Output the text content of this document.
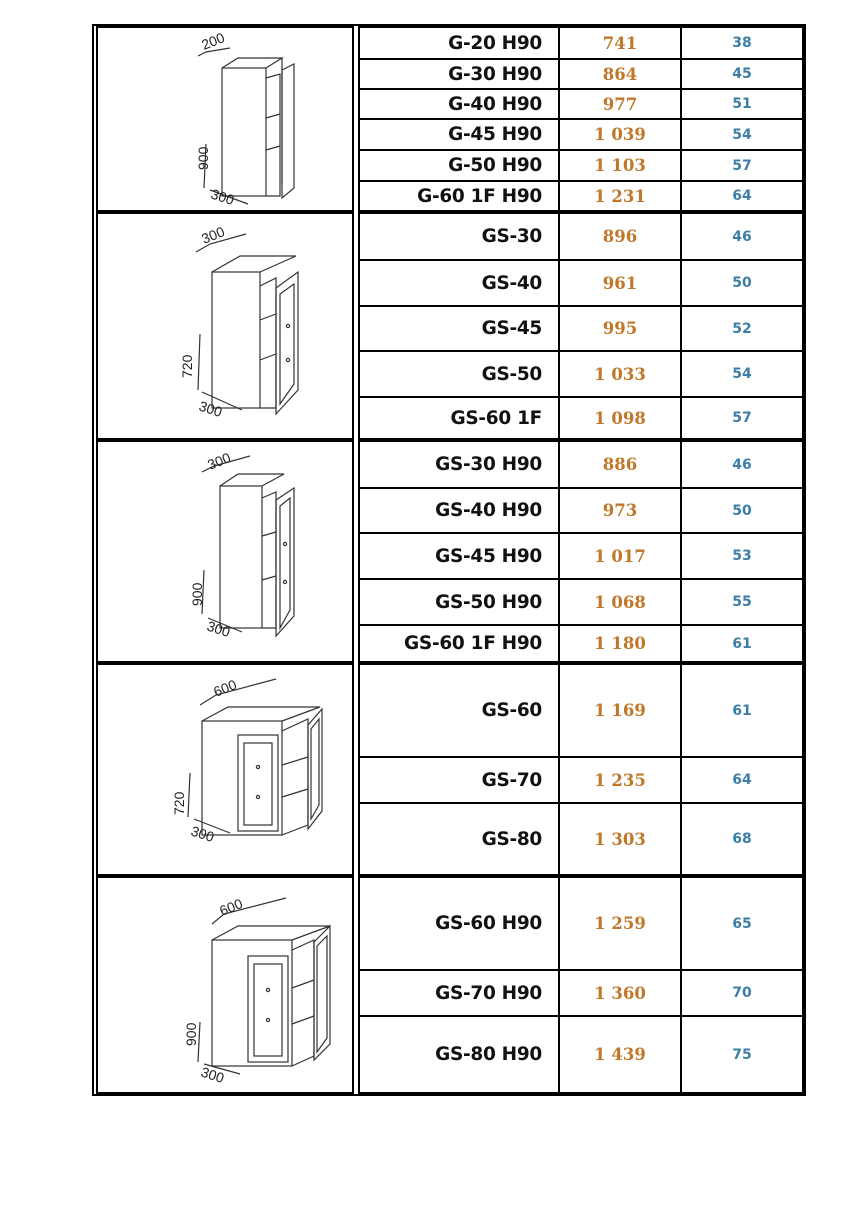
200
900
300
G-20 H90	741	38
G-30 H90	864	45
G-40 H90	977	51
G-45 H90	1 039	54
G-50 H90	1 103	57
G-60 1F H90	1 231	64
300
720
300
GS-30	896	46
GS-40	961	50
GS-45	995	52
GS-50	1 033	54
GS-60 1F	1 098	57
300
900
300
GS-30 H90	886	46
GS-40 H90	973	50
GS-45 H90	1 017	53
GS-50 H90	1 068	55
GS-60 1F H90	1 180	61
600
720
300
GS-60	1 169	61
GS-70	1 235	64
GS-80	1 303	68
600
900
300
GS-60 H90	1 259	65
GS-70 H90	1 360	70
GS-80 H90	1 439	75
